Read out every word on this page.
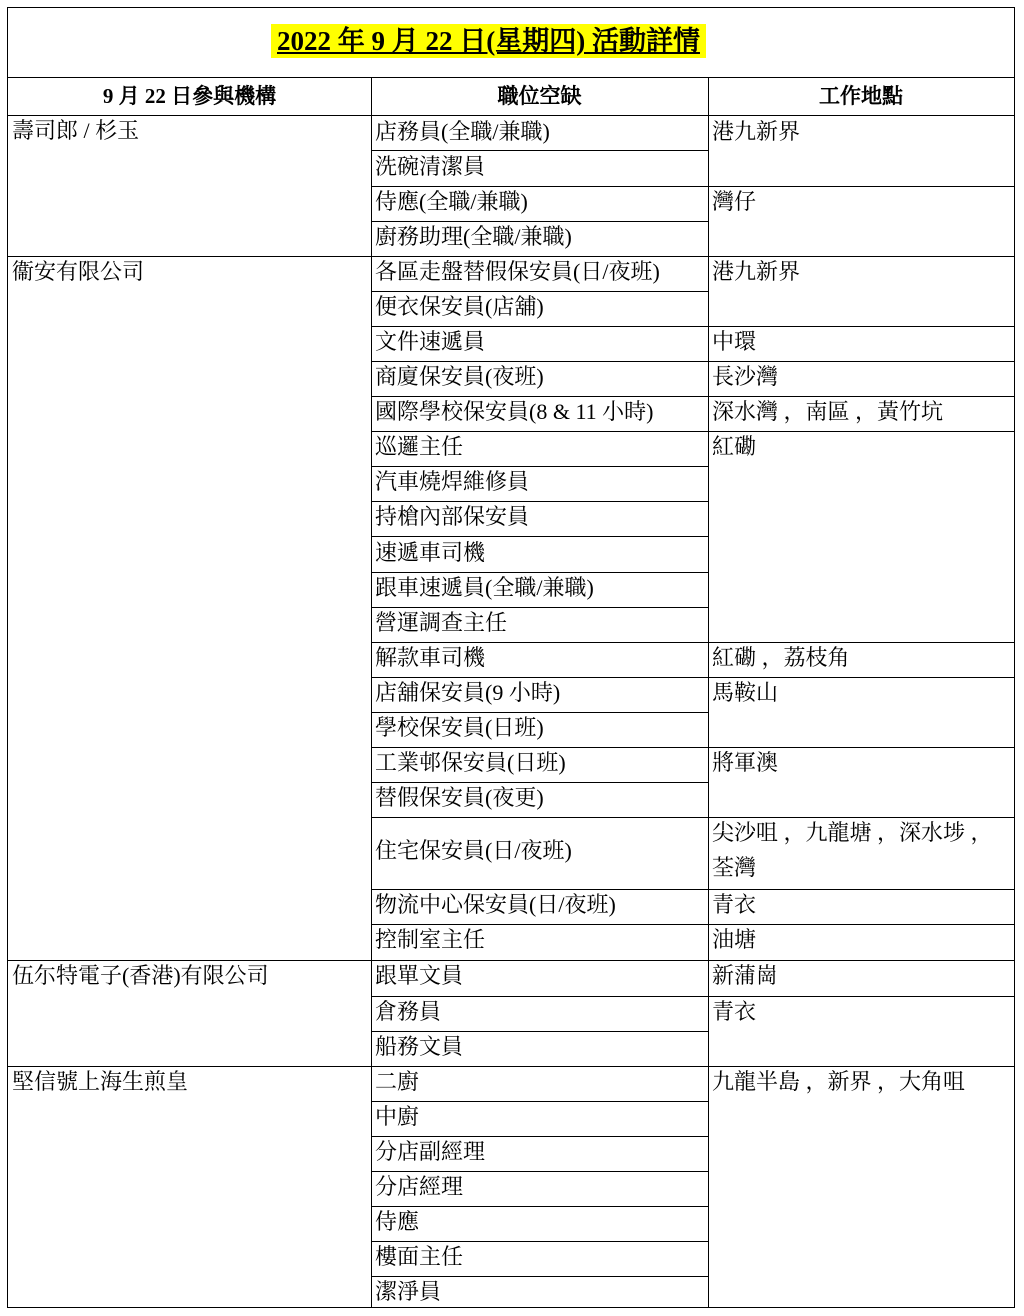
2022 年 9 月 22 日(星期四) 活動詳情
9 月 22 日參與機構	職位空缺	工作地點
壽司郎 / 杉玉
衞安有限公司
伍尓特電子(香港)有限公司
堅信號上海生煎皇
店務員(全職/兼職)
洗碗清潔員
侍應(全職/兼職)
廚務助理(全職/兼職)
各區走盤替假保安員(日/夜班)
便衣保安員(店舖)
文件速遞員
商廈保安員(夜班)
國際學校保安員(8 & 11 小時)
巡邏主任
汽車燒焊維修員
持槍內部保安員
速遞車司機
跟車速遞員(全職/兼職)
營運調查主任
解款車司機
店舖保安員(9 小時)
學校保安員(日班)
工業邨保安員(日班)
替假保安員(夜更)
住宅保安員(日/夜班)
物流中心保安員(日/夜班)
控制室主任
跟單文員
倉務員
船務文員
二廚
中廚
分店副經理
分店經理
侍應
樓面主任
潔淨員
港九新界
灣仔
港九新界
中環
長沙灣
深水灣 ，南區 ，黃竹坑
紅磡
紅磡 ，荔枝角
馬鞍山
將軍澳
尖沙咀 ，九龍塘 ，深水埗 ，
荃灣
青衣
油塘
新蒲崗
青衣
九龍半島 ，新界 ，大角咀
